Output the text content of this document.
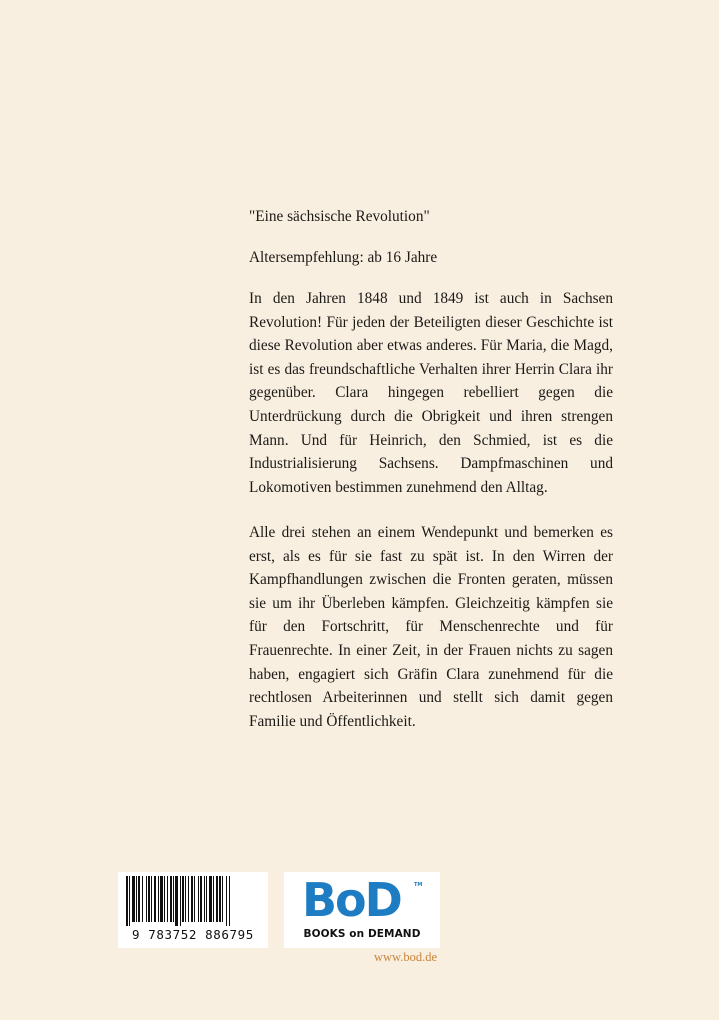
"Eine sächsische Revolution"

Altersempfehlung: ab 16 Jahre

In den Jahren 1848 und 1849 ist auch in Sachsen Revolution! Für jeden der Beteiligten dieser Geschichte ist diese Revolution aber etwas anderes. Für Maria, die Magd, ist es das freundschaftliche Verhalten ihrer Herrin Clara ihr gegenüber. Clara hingegen rebelliert gegen die Unterdrückung durch die Obrigkeit und ihren strengen Mann. Und für Heinrich, den Schmied, ist es die Industrialisierung Sachsens. Dampfmaschinen und Lokomotiven bestimmen zunehmend den Alltag.

Alle drei stehen an einem Wendepunkt und bemerken es erst, als es für sie fast zu spät ist. In den Wirren der Kampfhandlungen zwischen die Fronten geraten, müssen sie um ihr Überleben kämpfen. Gleichzeitig kämpfen sie für den Fortschritt, für Menschenrechte und für Frauenrechte. In einer Zeit, in der Frauen nichts zu sagen haben, engagiert sich Gräfin Clara zunehmend für die rechtlosen Arbeiterinnen und stellt sich damit gegen Familie und Öffentlichkeit.

9 783752 886795
BoD	TM
BOOKS on DEMAND
www.bod.de
